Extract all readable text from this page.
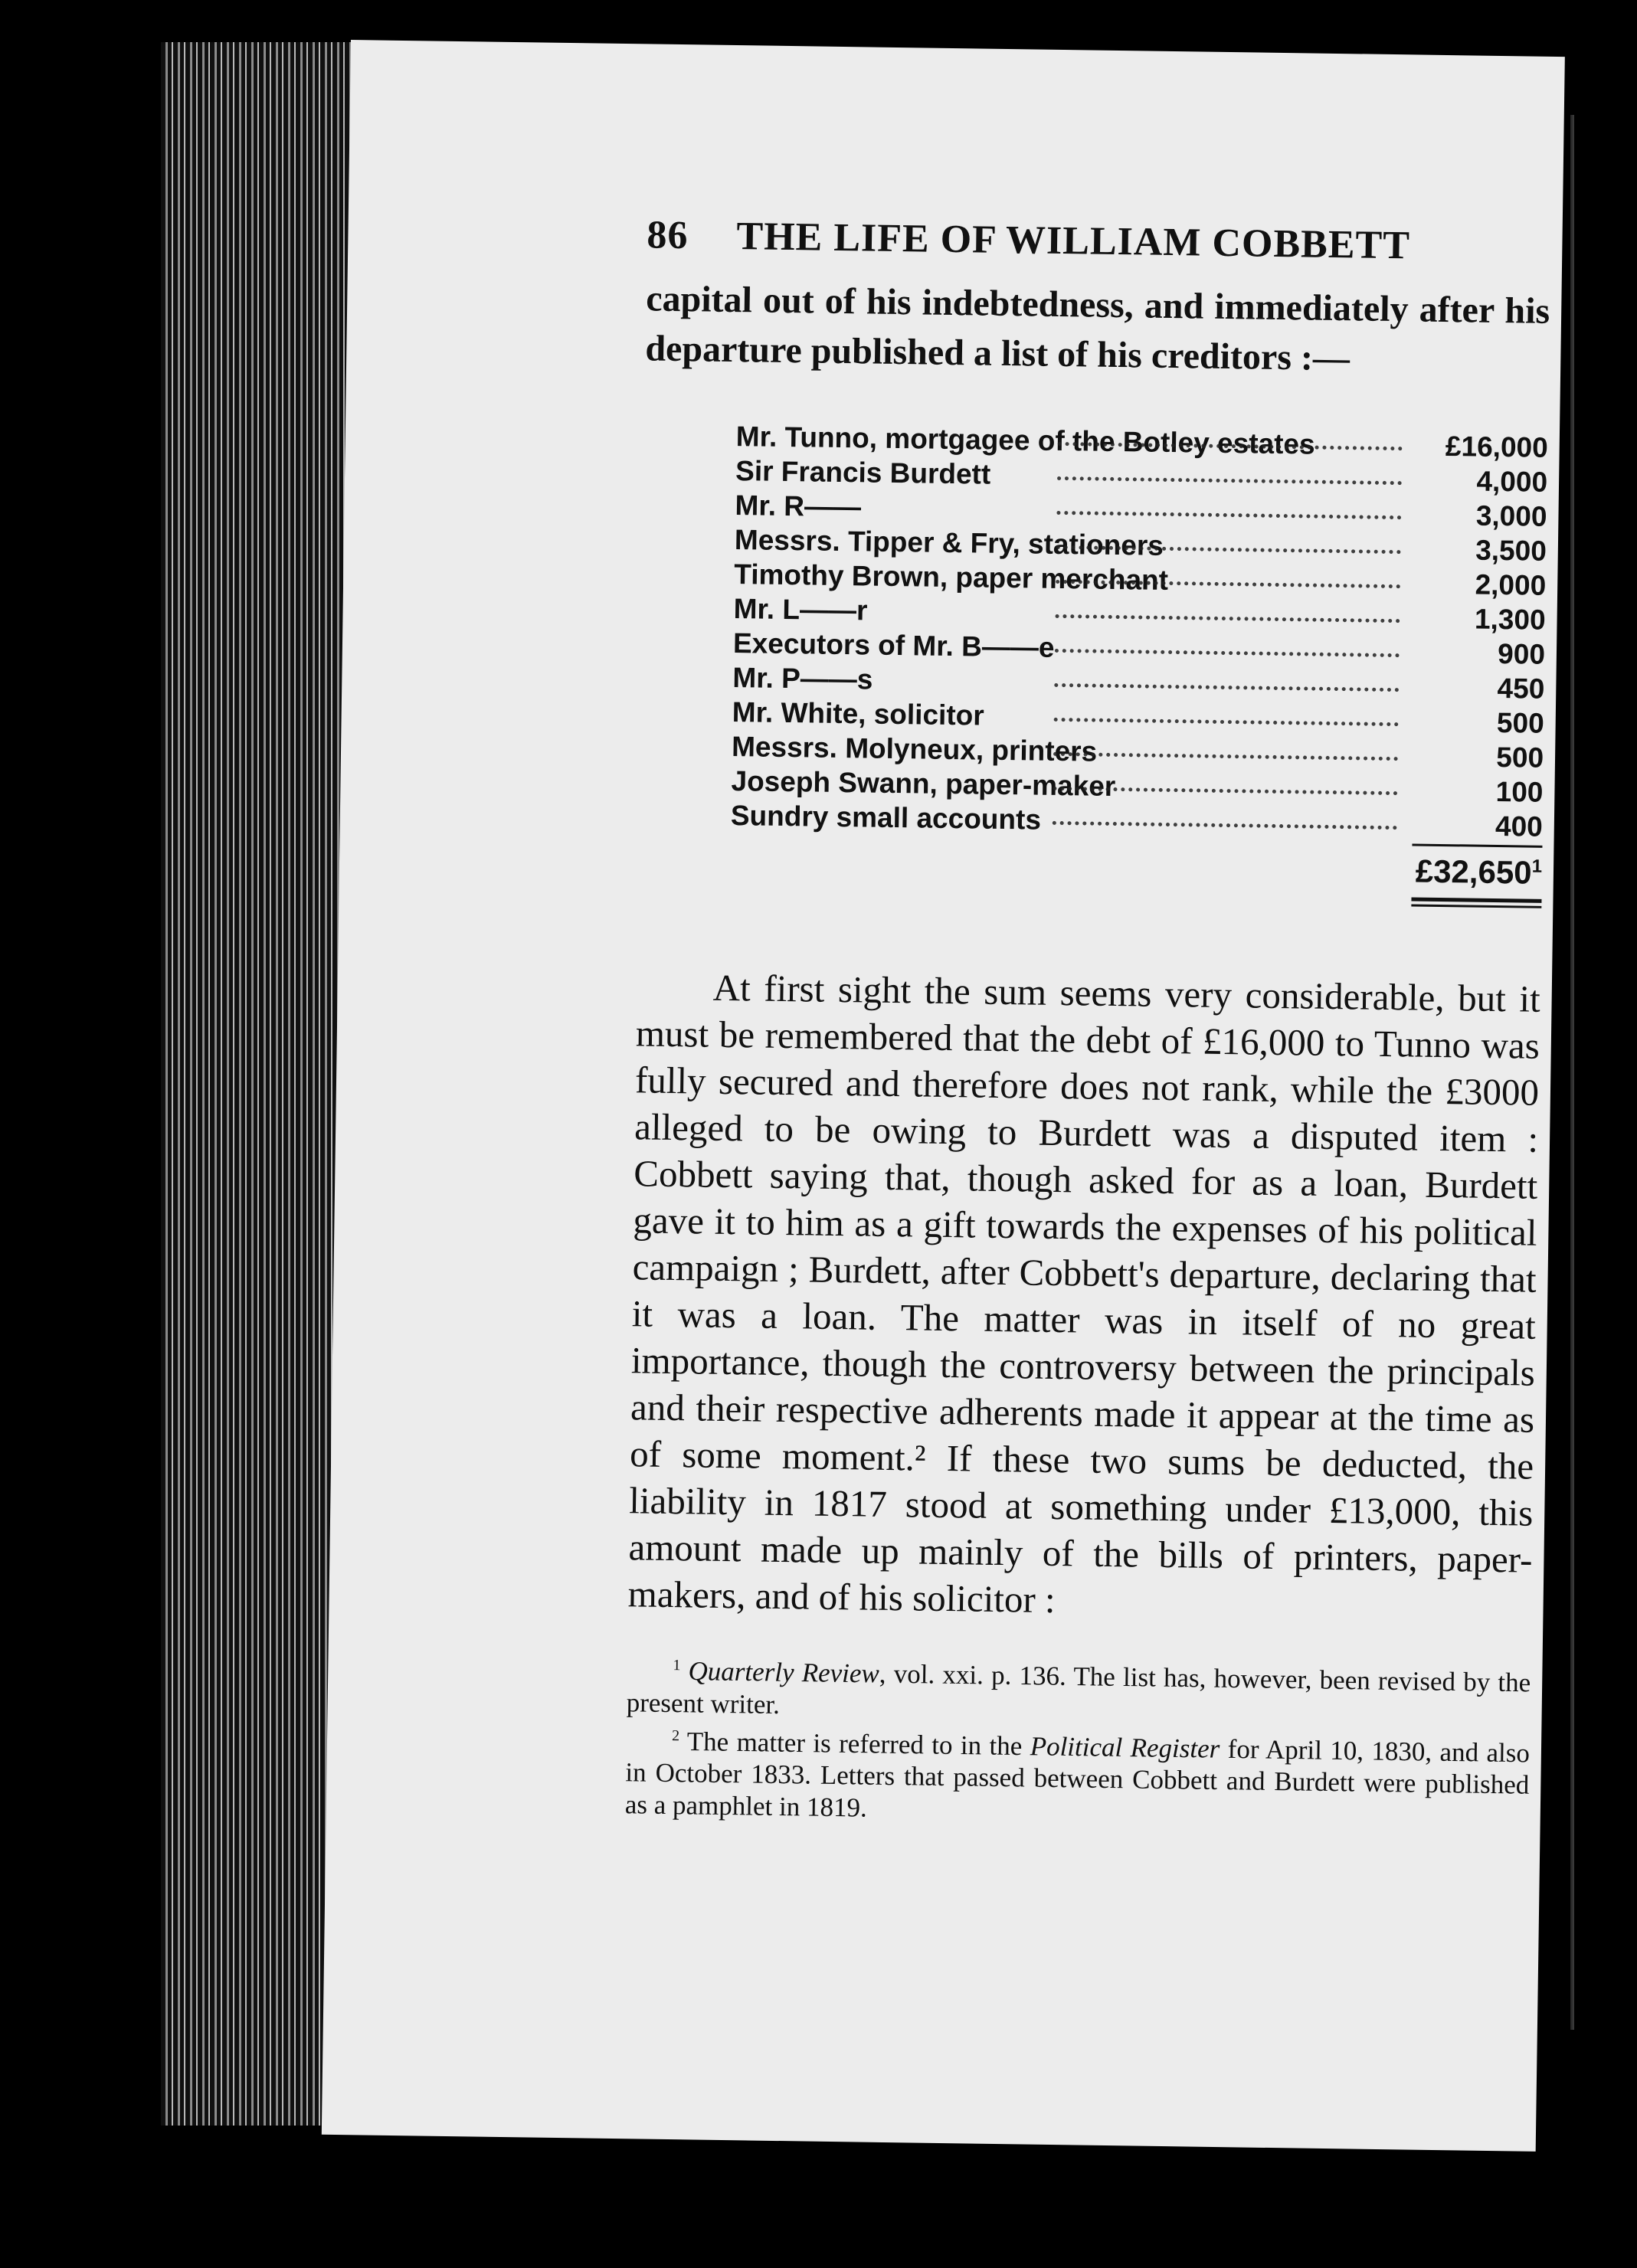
86 THE LIFE OF WILLIAM COBBETT
capital out of his indebtedness, and immediately after his departure published a list of his creditors :—
Mr. Tunno, mortgagee of the Botley estates	£16,000
Sir Francis Burdett	4,000
Mr. R——	3,000
Messrs. Tipper & Fry, stationers	3,500
Timothy Brown, paper merchant	2,000
Mr. L——r	1,300
Executors of Mr. B——e	900
Mr. P——s	450
Mr. White, solicitor	500
Messrs. Molyneux, printers	500
Joseph Swann, paper-maker	100
Sundry small accounts	400
£32,650$^1$
At first sight the sum seems very considerable, but it must be remembered that the debt of £16,000 to Tunno was fully secured and therefore does not rank, while the £3000 alleged to be owing to Burdett was a disputed item : Cobbett saying that, though asked for as a loan, Burdett gave it to him as a gift towards the expenses of his political campaign ; Burdett, after Cobbett's departure, declaring that it was a loan. The matter was in itself of no great importance, though the controversy between the principals and their respective adherents made it appear at the time as of some moment.² If these two sums be deducted, the liability in 1817 stood at something under £13,000, this amount made up mainly of the bills of printers, paper-makers, and of his solicitor :

$^1$ Quarterly Review, vol. xxi. p. 136. The list has, however, been revised by the present writer.

$^2$ The matter is referred to in the Political Register for April 10, 1830, and also in October 1833. Letters that passed between Cobbett and Burdett were published as a pamphlet in 1819.
